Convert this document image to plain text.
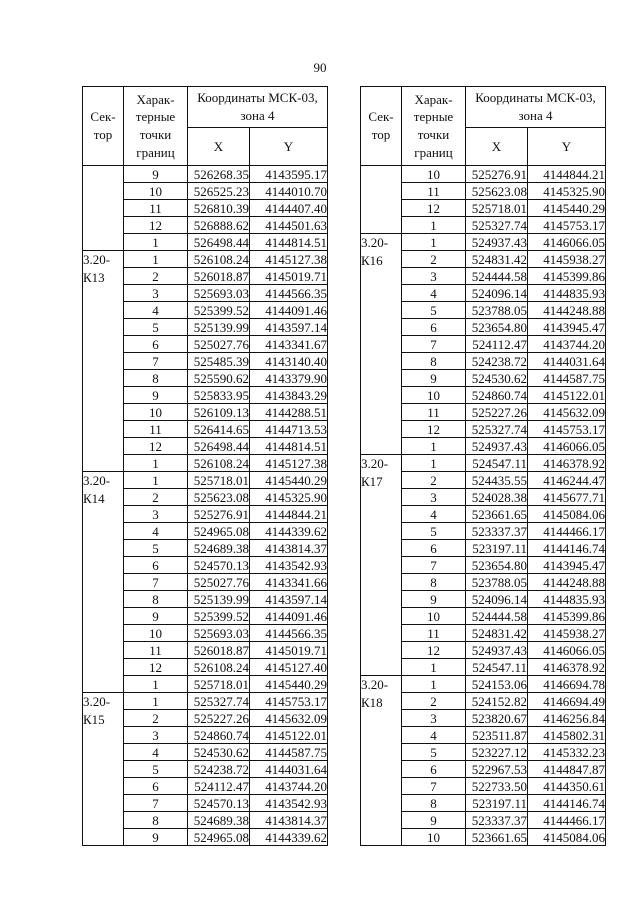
90
Сек- тор	Харак- терные точки границ	Координаты МСК-03, зона 4	
		X	Y
	9	526268.35	4143595.17
	10	526525.23	4144010.70
	11	526810.39	4144407.40
	12	526888.62	4144501.63
	1	526498.44	4144814.51
3.20- К13	1	526108.24	4145127.38
	2	526018.87	4145019.71
	3	525693.03	4144566.35
	4	525399.52	4144091.46
	5	525139.99	4143597.14
	6	525027.76	4143341.67
	7	525485.39	4143140.40
	8	525590.62	4143379.90
	9	525833.95	4143843.29
	10	526109.13	4144288.51
	11	526414.65	4144713.53
	12	526498.44	4144814.51
	1	526108.24	4145127.38
3.20- К14	1	525718.01	4145440.29
	2	525623.08	4145325.90
	3	525276.91	4144844.21
	4	524965.08	4144339.62
	5	524689.38	4143814.37
	6	524570.13	4143542.93
	7	525027.76	4143341.66
	8	525139.99	4143597.14
	9	525399.52	4144091.46
	10	525693.03	4144566.35
	11	526018.87	4145019.71
	12	526108.24	4145127.40
	1	525718.01	4145440.29
3.20- К15	1	525327.74	4145753.17
	2	525227.26	4145632.09
	3	524860.74	4145122.01
	4	524530.62	4144587.75
	5	524238.72	4144031.64
	6	524112.47	4143744.20
	7	524570.13	4143542.93
	8	524689.38	4143814.37
	9	524965.08	4144339.62
Сек- тор	Харак- терные точки границ	Координаты МСК-03, зона 4	
		X	Y
	10	525276.91	4144844.21
	11	525623.08	4145325.90
	12	525718.01	4145440.29
	1	525327.74	4145753.17
3.20- К16	1	524937.43	4146066.05
	2	524831.42	4145938.27
	3	524444.58	4145399.86
	4	524096.14	4144835.93
	5	523788.05	4144248.88
	6	523654.80	4143945.47
	7	524112.47	4143744.20
	8	524238.72	4144031.64
	9	524530.62	4144587.75
	10	524860.74	4145122.01
	11	525227.26	4145632.09
	12	525327.74	4145753.17
	1	524937.43	4146066.05
3.20- К17	1	524547.11	4146378.92
	2	524435.55	4146244.47
	3	524028.38	4145677.71
	4	523661.65	4145084.06
	5	523337.37	4144466.17
	6	523197.11	4144146.74
	7	523654.80	4143945.47
	8	523788.05	4144248.88
	9	524096.14	4144835.93
	10	524444.58	4145399.86
	11	524831.42	4145938.27
	12	524937.43	4146066.05
	1	524547.11	4146378.92
3.20- К18	1	524153.06	4146694.78
	2	524152.82	4146694.49
	3	523820.67	4146256.84
	4	523511.87	4145802.31
	5	523227.12	4145332.23
	6	522967.53	4144847.87
	7	522733.50	4144350.61
	8	523197.11	4144146.74
	9	523337.37	4144466.17
	10	523661.65	4145084.06
